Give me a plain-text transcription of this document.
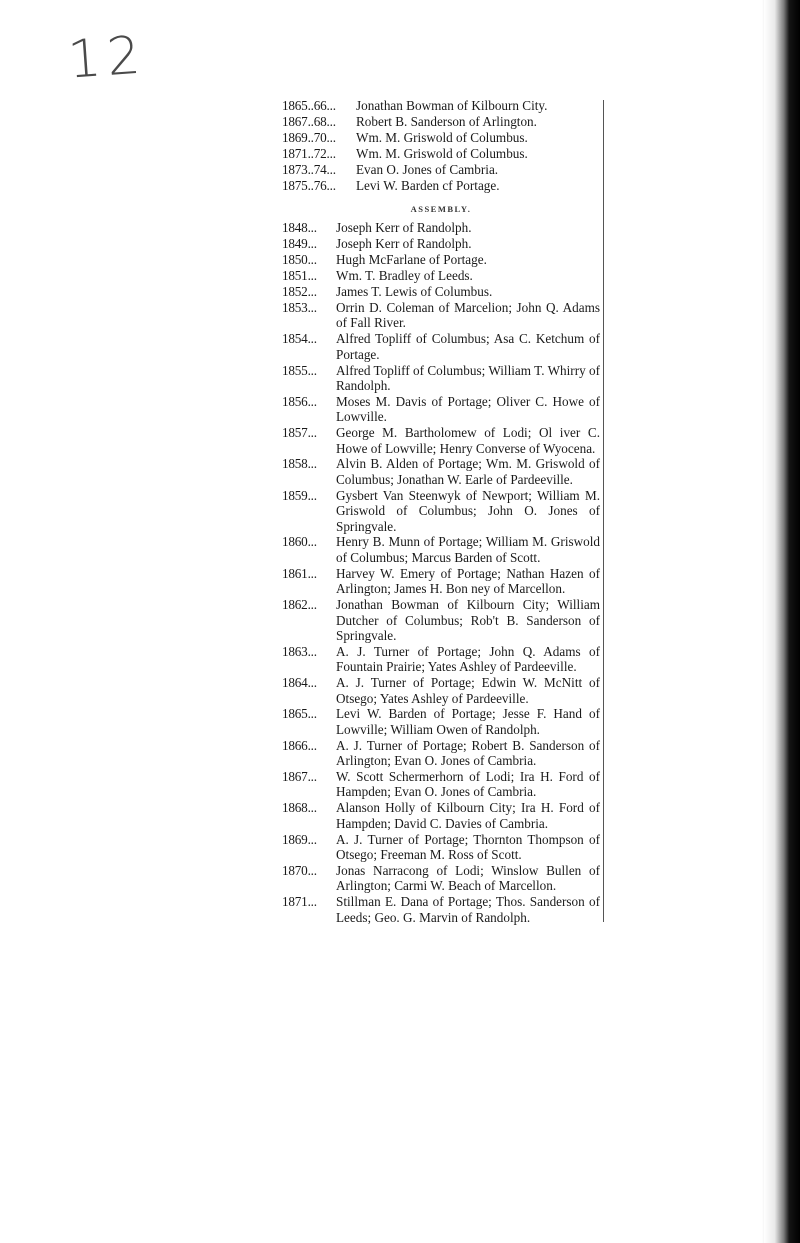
12
1865..66...	Jonathan Bowman of Kilbourn City.
1867..68...	Robert B. Sanderson of Arlington.
1869..70...	Wm. M. Griswold of Columbus.
1871..72...	Wm. M. Griswold of Columbus.
1873..74...	Evan O. Jones of Cambria.
1875..76...	Levi W. Barden cf Portage.
ASSEMBLY.
1848...	Joseph Kerr of Randolph.
1849...	Joseph Kerr of Randolph.
1850...	Hugh McFarlane of Portage.
1851...	Wm. T. Bradley of Leeds.
1852...	James T. Lewis of Columbus.
1853...	Orrin D. Coleman of Marcelion; John Q. Adams of Fall River.
1854...	Alfred Topliff of Columbus; Asa C. Ketchum of Portage.
1855...	Alfred Topliff of Columbus; William T. Whirry of Randolph.
1856...	Moses M. Davis of Portage; Oliver C. Howe of Lowville.
1857...	George M. Bartholomew of Lodi; Ol iver C. Howe of Lowville; Henry Converse of Wyocena.
1858...	Alvin B. Alden of Portage; Wm. M. Griswold of Columbus; Jonathan W. Earle of Pardeeville.
1859...	Gysbert Van Steenwyk of Newport; William M. Griswold of Columbus; John O. Jones of Springvale.
1860...	Henry B. Munn of Portage; William M. Griswold of Columbus; Marcus Barden of Scott.
1861...	Harvey W. Emery of Portage; Nathan Hazen of Arlington; James H. Bon ney of Marcellon.
1862...	Jonathan Bowman of Kilbourn City; William Dutcher of Columbus; Rob't B. Sanderson of Springvale.
1863...	A. J. Turner of Portage; John Q. Adams of Fountain Prairie; Yates Ashley of Pardeeville.
1864...	A. J. Turner of Portage; Edwin W. McNitt of Otsego; Yates Ashley of Pardeeville.
1865...	Levi W. Barden of Portage; Jesse F. Hand of Lowville; William Owen of Randolph.
1866...	A. J. Turner of Portage; Robert B. Sanderson of Arlington; Evan O. Jones of Cambria.
1867...	W. Scott Schermerhorn of Lodi; Ira H. Ford of Hampden; Evan O. Jones of Cambria.
1868...	Alanson Holly of Kilbourn City; Ira H. Ford of Hampden; David C. Davies of Cambria.
1869...	A. J. Turner of Portage; Thornton Thompson of Otsego; Freeman M. Ross of Scott.
1870...	Jonas Narracong of Lodi; Winslow Bullen of Arlington; Carmi W. Beach of Marcellon.
1871...	Stillman E. Dana of Portage; Thos. Sanderson of Leeds; Geo. G. Marvin of Randolph.
